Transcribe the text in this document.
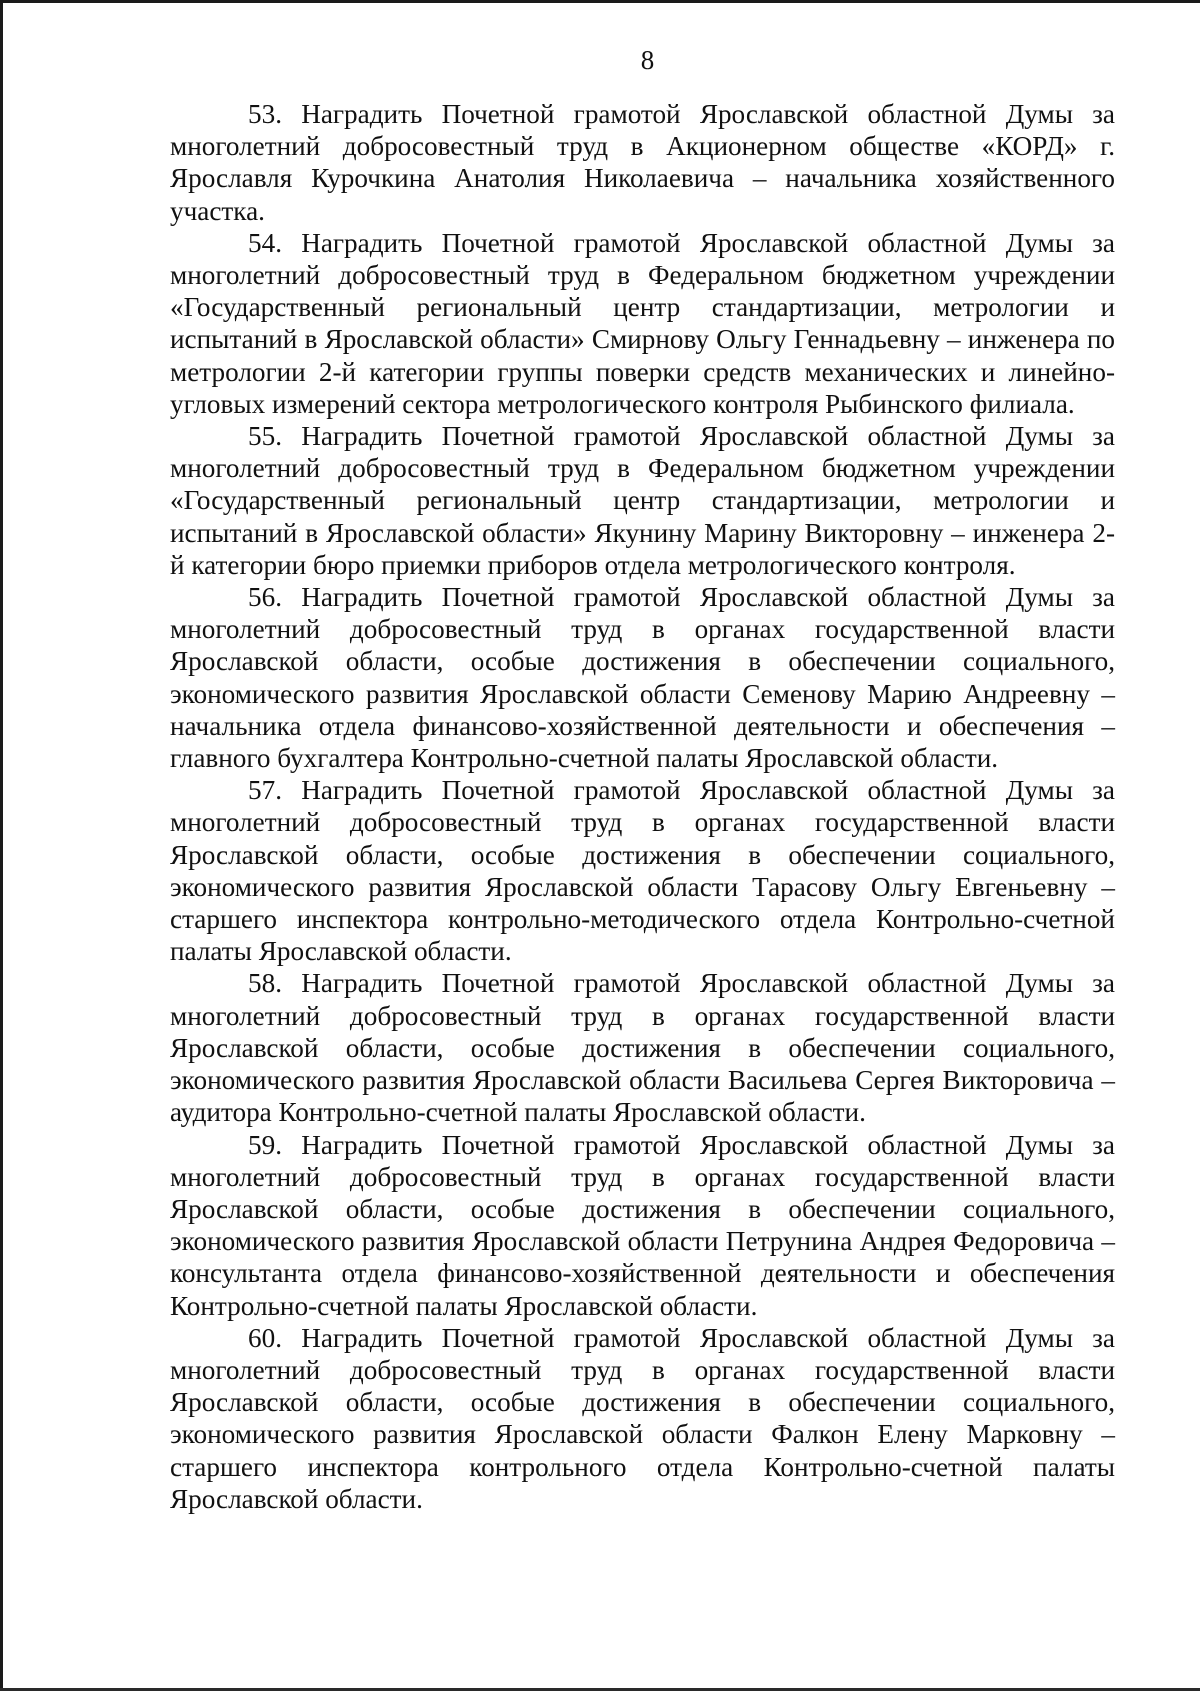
8

53. Наградить Почетной грамотой Ярославской областной Думы за многолетний добросовестный труд в Акционерном обществе «КОРД» г. Ярославля Курочкина Анатолия Николаевича – начальника хозяйственного участка.

54. Наградить Почетной грамотой Ярославской областной Думы за многолетний добросовестный труд в Федеральном бюджетном учреждении «Государственный региональный центр стандартизации, метрологии и испытаний в Ярославской области» Смирнову Ольгу Геннадьевну – инженера по метрологии 2-й категории группы поверки средств механических и линейно-угловых измерений сектора метрологического контроля Рыбинского филиала.

55. Наградить Почетной грамотой Ярославской областной Думы за многолетний добросовестный труд в Федеральном бюджетном учреждении «Государственный региональный центр стандартизации, метрологии и испытаний в Ярославской области» Якунину Марину Викторовну – инженера 2-й категории бюро приемки приборов отдела метрологического контроля.

56. Наградить Почетной грамотой Ярославской областной Думы за многолетний добросовестный труд в органах государственной власти Ярославской области, особые достижения в обеспечении социального, экономического развития Ярославской области Семенову Марию Андреевну – начальника отдела финансово-хозяйственной деятельности и обеспечения – главного бухгалтера Контрольно-счетной палаты Ярославской области.

57. Наградить Почетной грамотой Ярославской областной Думы за многолетний добросовестный труд в органах государственной власти Ярославской области, особые достижения в обеспечении социального, экономического развития Ярославской области Тарасову Ольгу Евгеньевну – старшего инспектора контрольно-методического отдела Контрольно-счетной палаты Ярославской области.

58. Наградить Почетной грамотой Ярославской областной Думы за многолетний добросовестный труд в органах государственной власти Ярославской области, особые достижения в обеспечении социального, экономического развития Ярославской области Васильева Сергея Викторовича – аудитора Контрольно-счетной палаты Ярославской области.

59. Наградить Почетной грамотой Ярославской областной Думы за многолетний добросовестный труд в органах государственной власти Ярославской области, особые достижения в обеспечении социального, экономического развития Ярославской области Петрунина Андрея Федоровича – консультанта отдела финансово-хозяйственной деятельности и обеспечения Контрольно-счетной палаты Ярославской области.

60. Наградить Почетной грамотой Ярославской областной Думы за многолетний добросовестный труд в органах государственной власти Ярославской области, особые достижения в обеспечении социального, экономического развития Ярославской области Фалкон Елену Марковну – старшего инспектора контрольного отдела Контрольно-счетной палаты Ярославской области.
